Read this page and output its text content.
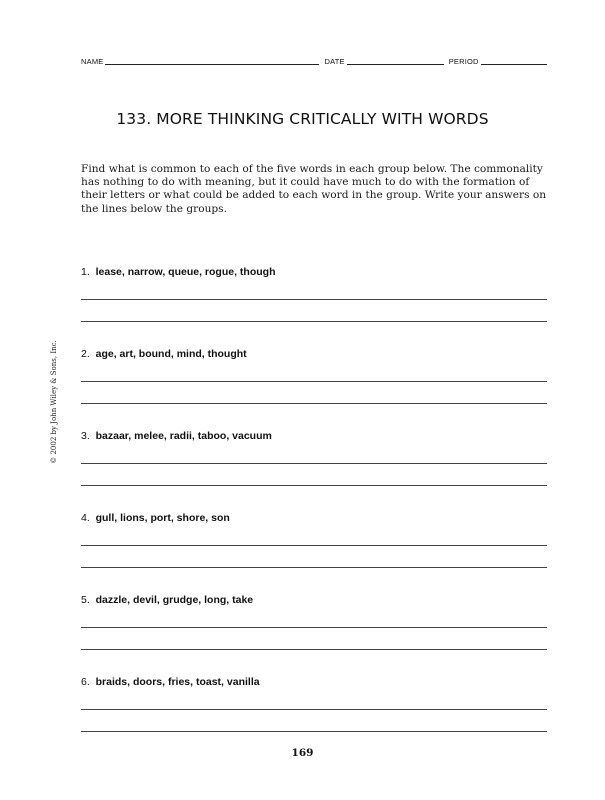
NAME	DATE	PERIOD
133. MORE THINKING CRITICALLY WITH WORDS
Find what is common to each of the five words in each group below. The commonality has nothing to do with meaning, but it could have much to do with the formation of their letters or what could be added to each word in the group. Write your answers on the lines below the groups.
1. lease, narrow, queue, rogue, though
2. age, art, bound, mind, thought
3. bazaar, melee, radii, taboo, vacuum
4. gull, lions, port, shore, son
5. dazzle, devil, grudge, long, take
6. braids, doors, fries, toast, vanilla
© 2002 by John Wiley & Sons, Inc.
169
